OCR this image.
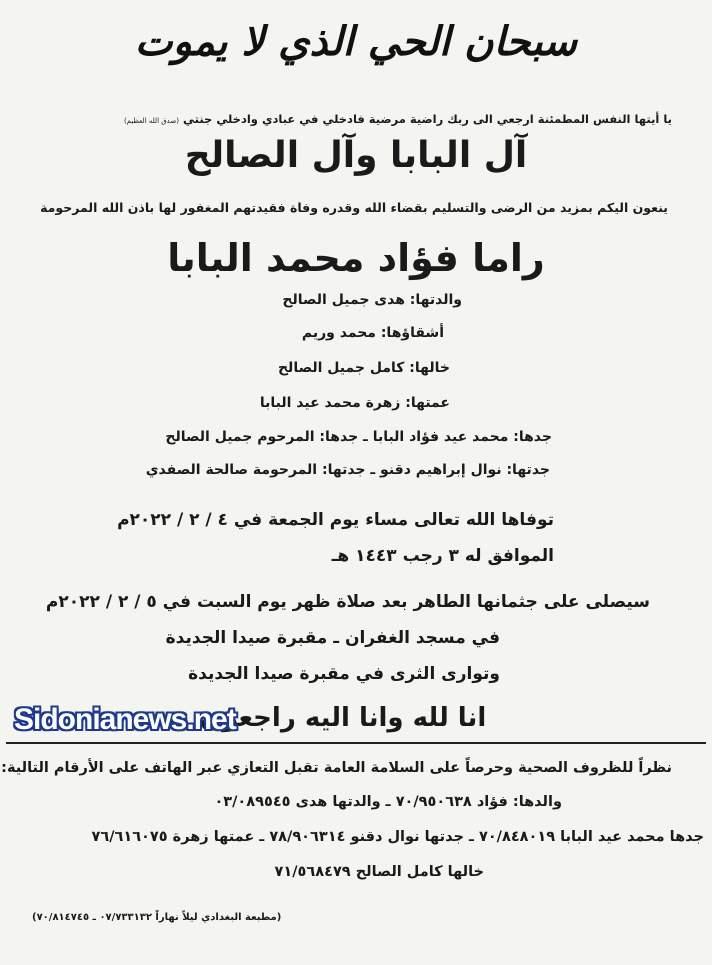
سبحان الحي الذي لا يموت
يا أيتها النفس المطمئنة ارجعي الى ربك راضية مرضية فادخلي في عبادي وادخلي جنتي (صدق الله العظيم)
آل البابا وآل الصالح
ينعون اليكم بمزيد من الرضى والتسليم بقضاء الله وقدره وفاة فقيدتهم المغفور لها باذن الله المرحومة
راما فؤاد محمد البابا
والدتها: هدى جميل الصالح
أشقاؤها: محمد وريم
خالها: كامل جميل الصالح
عمتها: زهرة محمد عيد البابا
جدها: محمد عيد فؤاد البابا ـ جدها: المرحوم جميل الصالح
جدتها: نوال إبراهيم دقنو ـ جدتها: المرحومة صالحة الصفدي
توفاها الله تعالى مساء يوم الجمعة في ٤ / ٢ / ٢٠٢٢م
الموافق له ٣ رجب ١٤٤٣ هـ
سيصلى على جثمانها الطاهر بعد صلاة ظهر يوم السبت في ٥ / ٢ / ٢٠٢٢م
في مسجد الغفران ـ مقبرة صيدا الجديدة
وتوارى الثرى في مقبرة صيدا الجديدة
انا لله وانا اليه راجعون
Sidonianews.net
نظراً للظروف الصحية وحرصاً على السلامة العامة تقبل التعازي عبر الهاتف على الأرقام التالية:
والدها: فؤاد ٧٠/٩٥٠٦٣٨ ـ والدتها هدى ٠٣/٠٨٩٥٤٥
جدها محمد عيد البابا ٧٠/٨٤٨٠١٩ ـ جدتها نوال دقنو ٧٨/٩٠٦٣١٤ ـ عمتها زهرة ٧٦/٦١٦٠٧٥
خالها كامل الصالح ٧١/٥٦٨٤٧٩
(مطبعة البغدادي ليلاً نهاراً ٠٧/٧٣٣١٣٢ ـ ٧٠/٨١٤٧٤٥)
